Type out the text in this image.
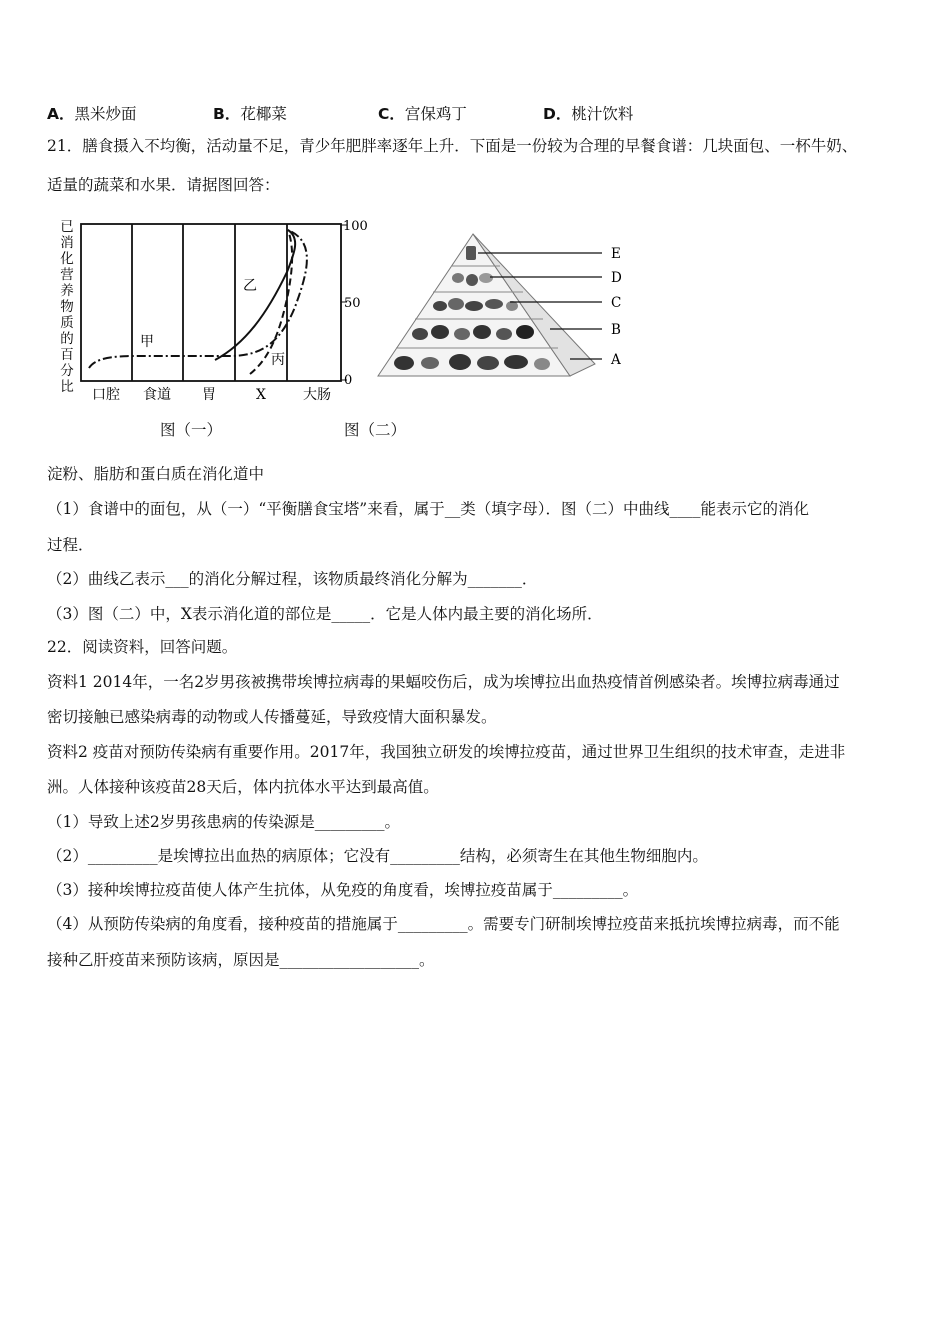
A．黑米炒面	B．花椰菜	C．宫保鸡丁	D．桃汁饮料
21．膳食摄入不均衡，活动量不足，青少年肥胖率逐年上升．下面是一份较为合理的早餐食谱：几块面包、一杯牛奶、
适量的蔬菜和水果．请据图回答：
已
消
化
营
养
物
质
的
百
分
比
100
50
0
甲
乙
丙
口腔 食道 胃	X	大肠
E
D
C
B
A
图（一）	图（二）
淀粉、脂肪和蛋白质在消化道中
（1）食谱中的面包，从（一）“平衡膳食宝塔”来看，属于__类（填字母）．图（二）中曲线____能表示它的消化
过程．
（2）曲线乙表示___的消化分解过程，该物质最终消化分解为_______．
（3）图（二）中，X表示消化道的部位是_____．它是人体内最主要的消化场所．
22．阅读资料，回答问题。
资料1 2014年，一名2岁男孩被携带埃博拉病毒的果蝠咬伤后，成为埃博拉出血热疫情首例感染者。埃博拉病毒通过
密切接触已感染病毒的动物或人传播蔓延，导致疫情大面积暴发。
资料2 疫苗对预防传染病有重要作用。2017年，我国独立研发的埃博拉疫苗，通过世界卫生组织的技术审查，走进非
洲。人体接种该疫苗28天后，体内抗体水平达到最高值。
（1）导致上述2岁男孩患病的传染源是_________。
（2）_________是埃博拉出血热的病原体；它没有_________结构，必须寄生在其他生物细胞内。
（3）接种埃博拉疫苗使人体产生抗体，从免疫的角度看，埃博拉疫苗属于_________。
（4）从预防传染病的角度看，接种疫苗的措施属于_________。需要专门研制埃博拉疫苗来抵抗埃博拉病毒，而不能
接种乙肝疫苗来预防该病，原因是__________________。
